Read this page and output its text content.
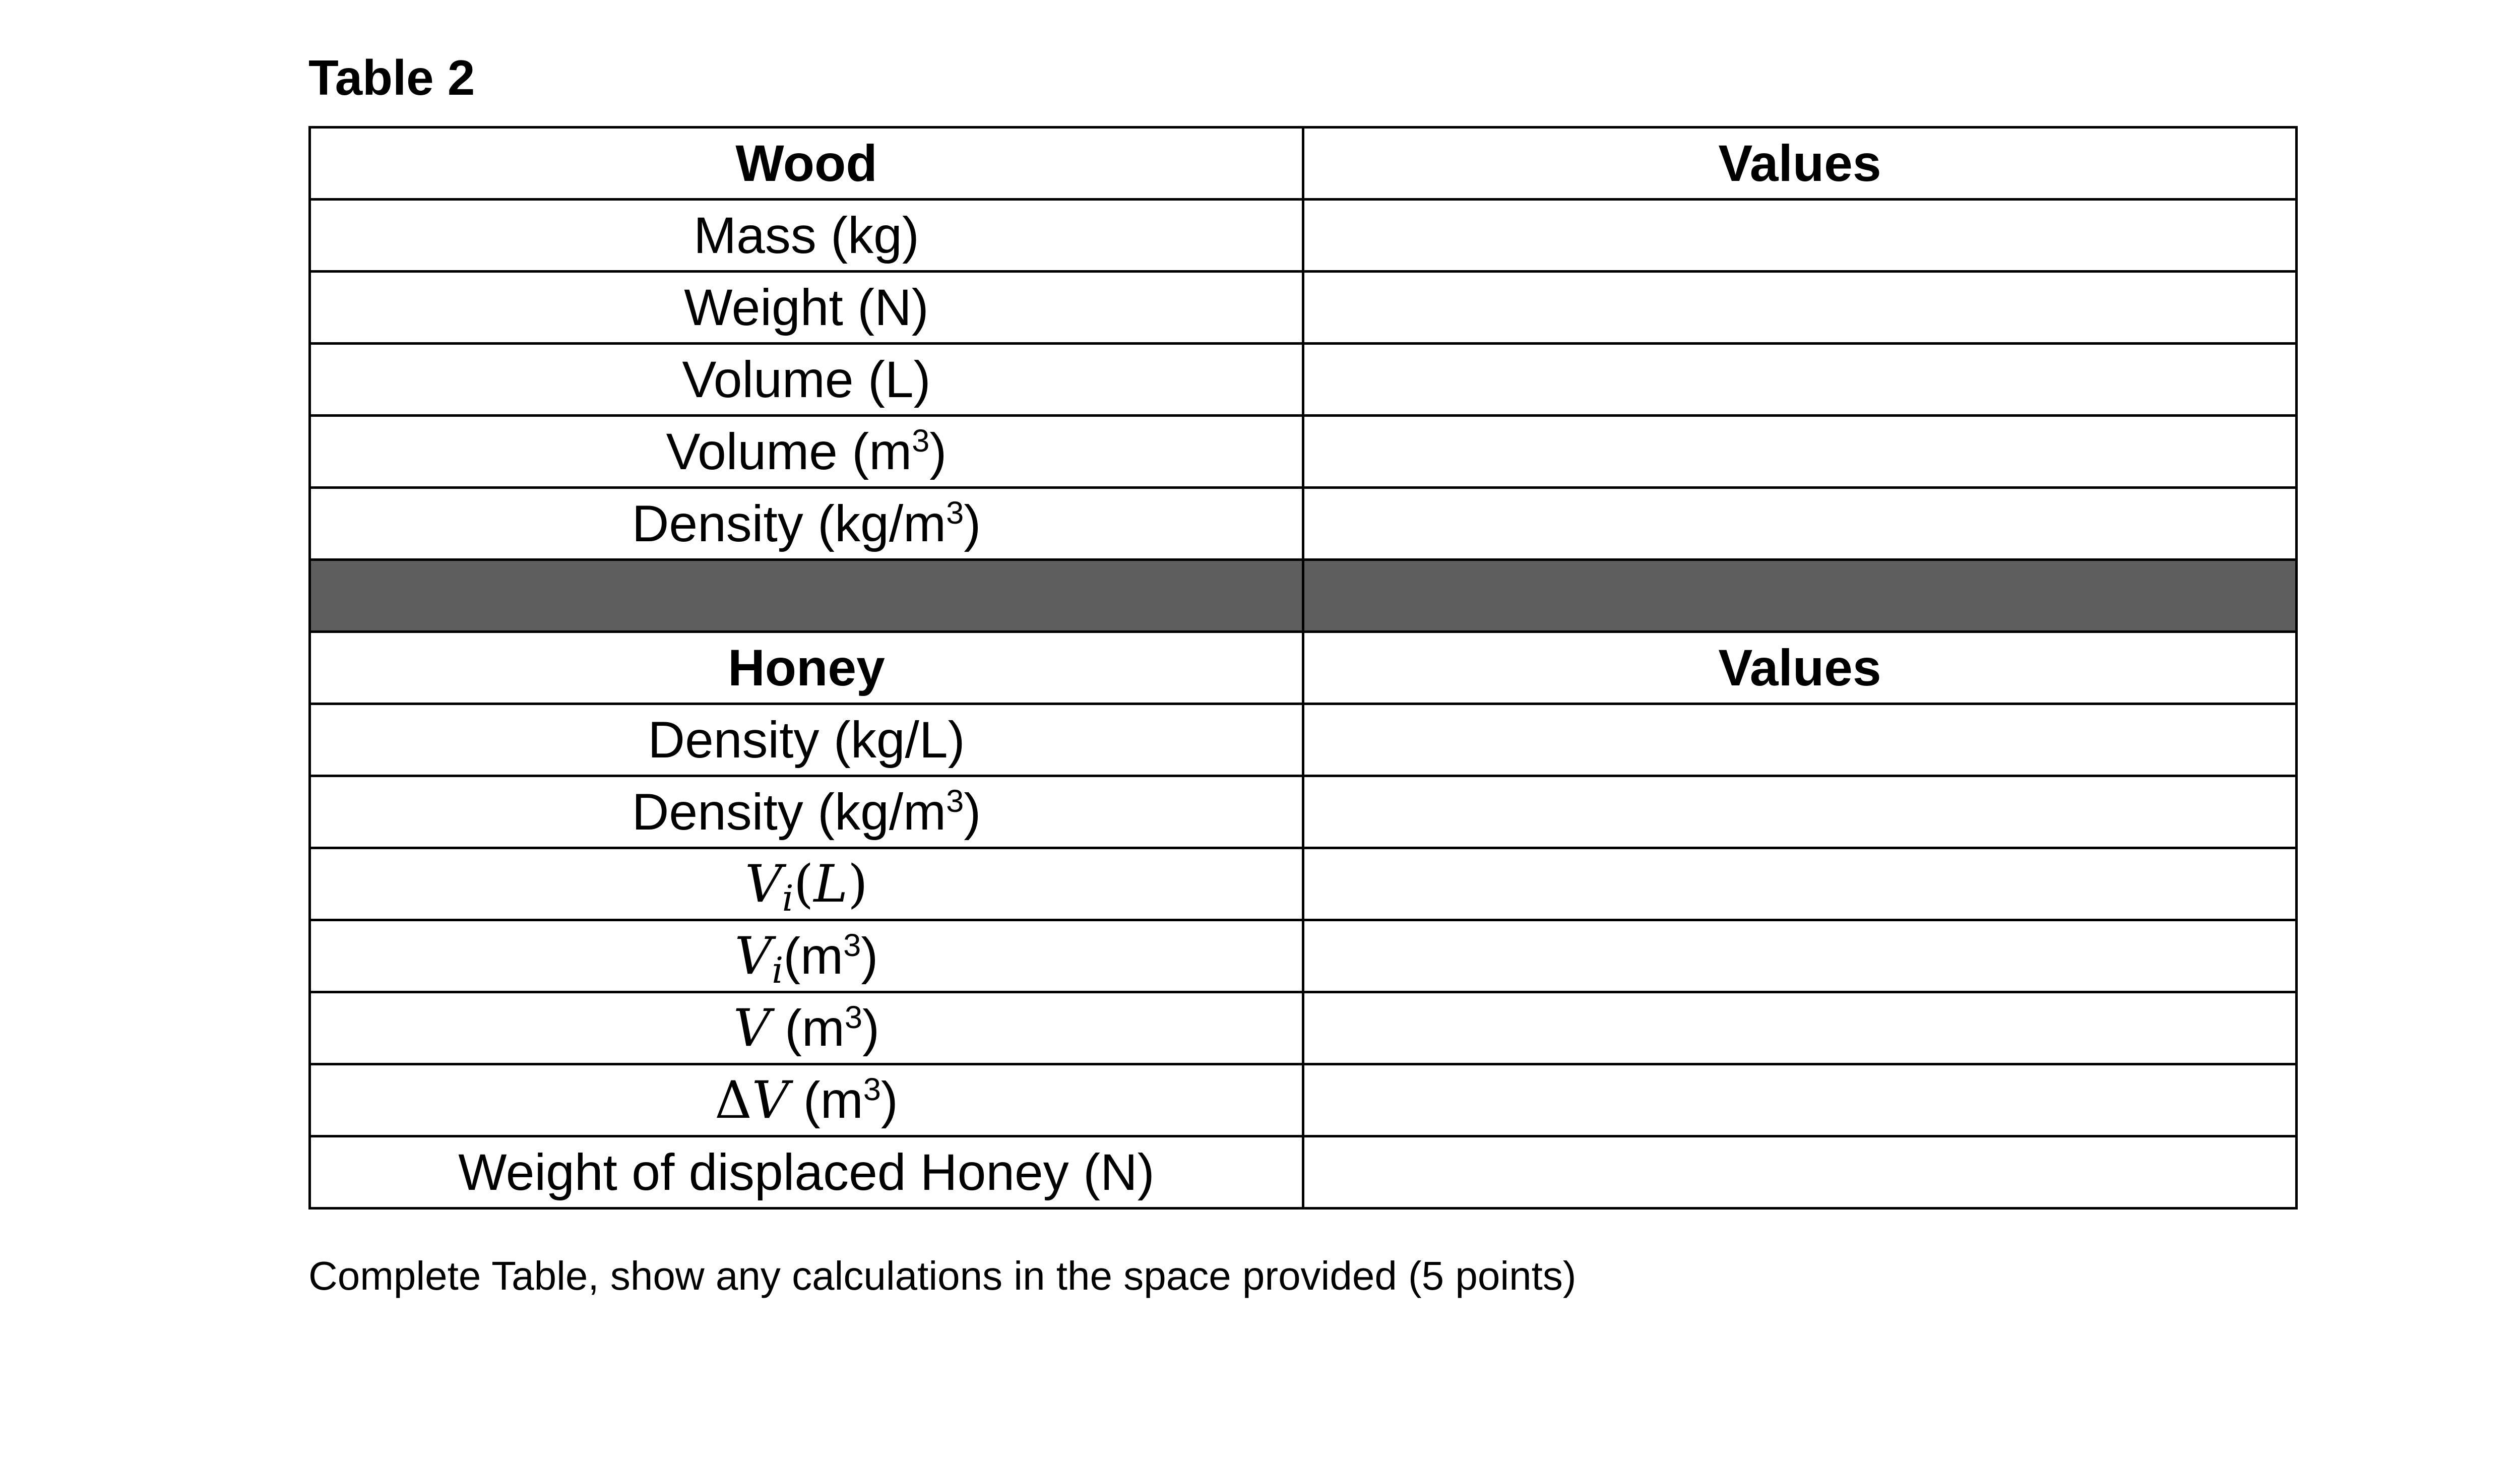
Table 2
Wood	Values
Mass (kg)	
Weight (N)	
Volume (L)	
Volume $(m^3)$	
Density $(kg/m^3)$	

Honey	Values
Density (kg/L)	
Density $(kg/m^3)$	
$V_i(L)$	
$V_i(m^3)$	
V $(m^3)$	
ΔV $(m^3)$	
Weight of displaced Honey (N)	
Complete Table, show any calculations in the space provided (5 points)
